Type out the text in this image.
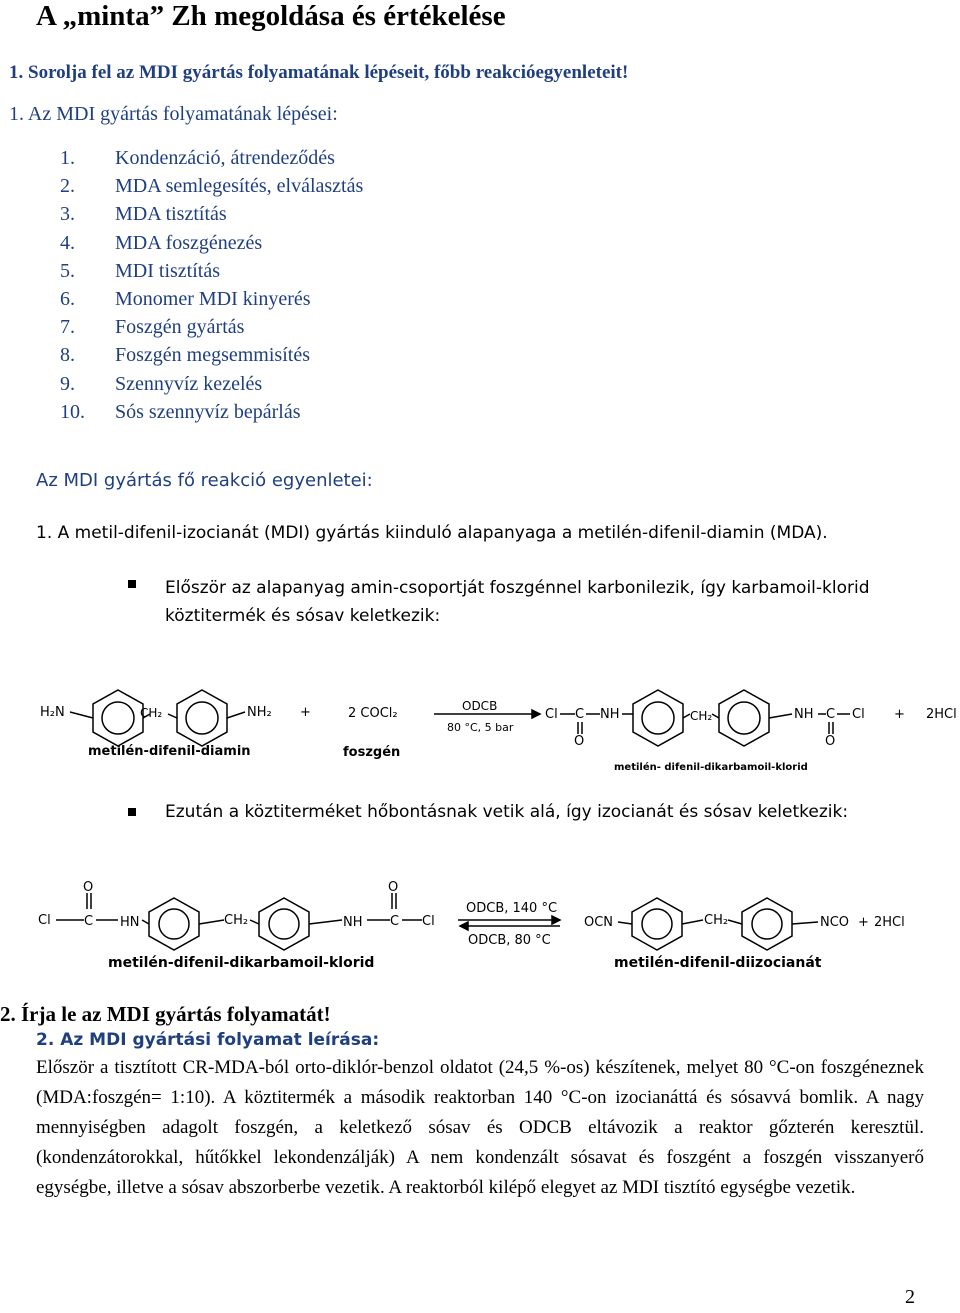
A „minta” Zh megoldása és értékelése
1. Sorolja fel az MDI gyártás folyamatának lépéseit, főbb reakcióegyenleteit!
1. Az MDI gyártás folyamatának lépései:
1.	Kondenzáció, átrendeződés
2.	MDA semlegesítés, elválasztás
3.	MDA tisztítás
4.	MDA foszgénezés
5.	MDI tisztítás
6.	Monomer MDI kinyerés
7.	Foszgén gyártás
8.	Foszgén megsemmisítés
9.	Szennyvíz kezelés
10.	Sós szennyvíz bepárlás
Az MDI gyártás fő reakció egyenletei:
1. A metil-difenil-izocianát (MDI) gyártás kiinduló alapanyaga a metilén-difenil-diamin (MDA).
Először az alapanyag amin-csoportját foszgénnel karbonilezik, így karbamoil-klorid köztitermék és sósav keletkezik:
H₂N	CH₂	NH₂ +	2 COCl₂	ODCB
80 °C, 5 bar
Cl C NH
O
CH₂	NH C Cl
O
+ 2HCl
metilén-difenil-diamin	foszgén
metilén- difenil-dikarbamoil-klorid
Ezután a köztiterméket hőbontásnak vetik alá, így izocianát és sósav keletkezik:
O
Cl	C HN	CH₂	NH C
O
Cl
ODCB, 140 °C
ODCB, 80 °C
OCN	CH₂	NCO + 2HCl
metilén-difenil-dikarbamoil-klorid	metilén-difenil-diizocianát
2. Írja le az MDI gyártás folyamatát!
2. Az MDI gyártási folyamat leírása:
Először a tisztított CR-MDA-ból orto-diklór-benzol oldatot (24,5 %-os) készítenek, melyet 80 °C-on foszgéneznek (MDA:foszgén= 1:10). A köztitermék a második reaktorban 140 °C-on izocianáttá és sósavvá bomlik. A nagy mennyiségben adagolt foszgén, a keletkező sósav és ODCB eltávozik a reaktor gőzterén keresztül. (kondenzátorokkal, hűtőkkel lekondenzálják) A nem kondenzált sósavat és foszgént a foszgén visszanyerő egységbe, illetve a sósav abszorberbe vezetik. A reaktorból kilépő elegyet az MDI tisztító egységbe vezetik.
2
